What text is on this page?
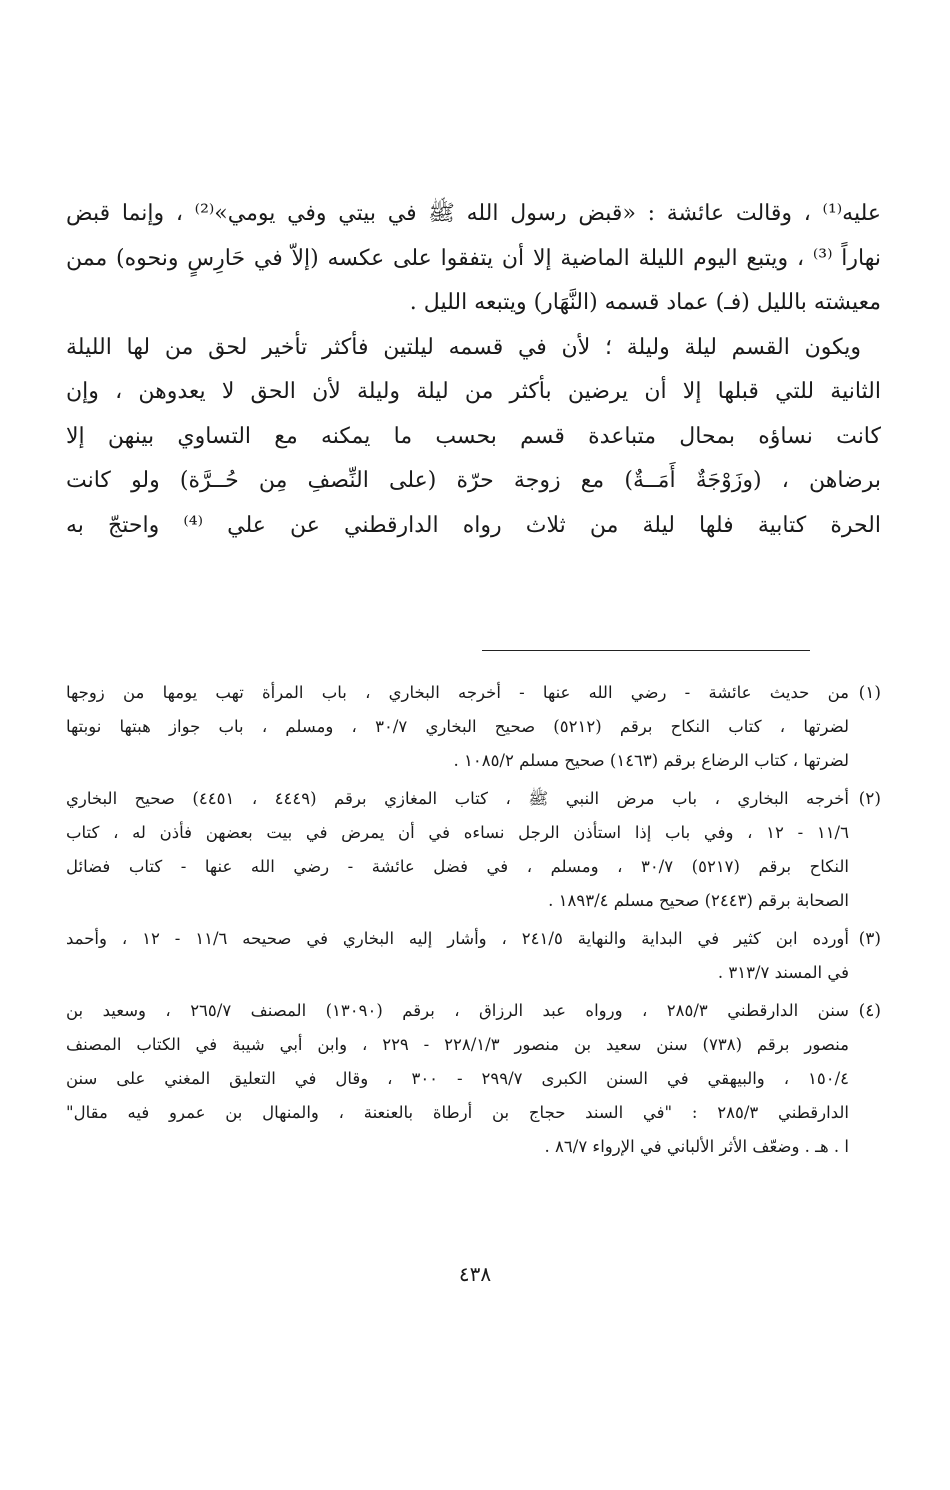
عليه⁽¹⁾ ، وقالت عائشة : «قبض رسول الله ﷺ في بيتي وفي يومي»⁽²⁾ ، وإنما قبض
نهاراً ⁽³⁾ ، ويتبع اليوم الليلة الماضية إلا أن يتفقوا على عكسه (إلاّ في حَارِسٍ ونحوه) ممن
معيشته بالليل (فـ) عماد قسمه (النَّهَار) ويتبعه الليل .
ويكون القسم ليلة وليلة ؛ لأن في قسمه ليلتين فأكثر تأخير لحق من لها الليلة
الثانية للتي قبلها إلا أن يرضين بأكثر من ليلة وليلة لأن الحق لا يعدوهن ، وإن
كانت نساؤه بمحال متباعدة قسم بحسب ما يمكنه مع التساوي بينهن إلا
برضاهن ، (وزَوْجَةٌ أَمَــةٌ) مع زوجة حرّة (على النِّصفِ مِن حُــرَّة) ولو كانت
الحرة كتابية فلها ليلة من ثلاث رواه الدارقطني عن علي ⁽⁴⁾ واحتجّ به
(١)
من حديث عائشة - رضي الله عنها - أخرجه البخاري ، باب المرأة تهب يومها من زوجها
لضرتها ، كتاب النكاح برقم (٥٢١٢) صحيح البخاري ٣٠/٧ ، ومسلم ، باب جواز هبتها نوبتها
لضرتها ، كتاب الرضاع برقم (١٤٦٣) صحيح مسلم ١٠٨٥/٢ .
(٢)
أخرجه البخاري ، باب مرض النبي ﷺ ، كتاب المغازي برقم (٤٤٤٩ ، ٤٤٥١) صحيح البخاري
١١/٦ - ١٢ ، وفي باب إذا استأذن الرجل نساءه في أن يمرض في بيت بعضهن فأذن له ، كتاب
النكاح برقم (٥٢١٧) ٣٠/٧ ، ومسلم ، في فضل عائشة - رضي الله عنها - كتاب فضائل
الصحابة برقم (٢٤٤٣) صحيح مسلم ١٨٩٣/٤ .
(٣)
أورده ابن كثير في البداية والنهاية ٢٤١/٥ ، وأشار إليه البخاري في صحيحه ١١/٦ - ١٢ ، وأحمد
في المسند ٣١٣/٧ .
(٤)
سنن الدارقطني ٢٨٥/٣ ، ورواه عبد الرزاق ، برقم (١٣٠٩٠) المصنف ٢٦٥/٧ ، وسعيد بن
منصور برقم (٧٣٨) سنن سعيد بن منصور ٢٢٨/١/٣ - ٢٢٩ ، وابن أبي شيبة في الكتاب المصنف
١٥٠/٤ ، والبيهقي في السنن الكبرى ٢٩٩/٧ - ٣٠٠ ، وقال في التعليق المغني على سنن
الدارقطني ٢٨٥/٣ : "في السند حجاج بن أرطاة بالعنعنة ، والمنهال بن عمرو فيه مقال"
ا . هـ . وضعّف الأثر الألباني في الإرواء ٨٦/٧ .
٤٣٨
